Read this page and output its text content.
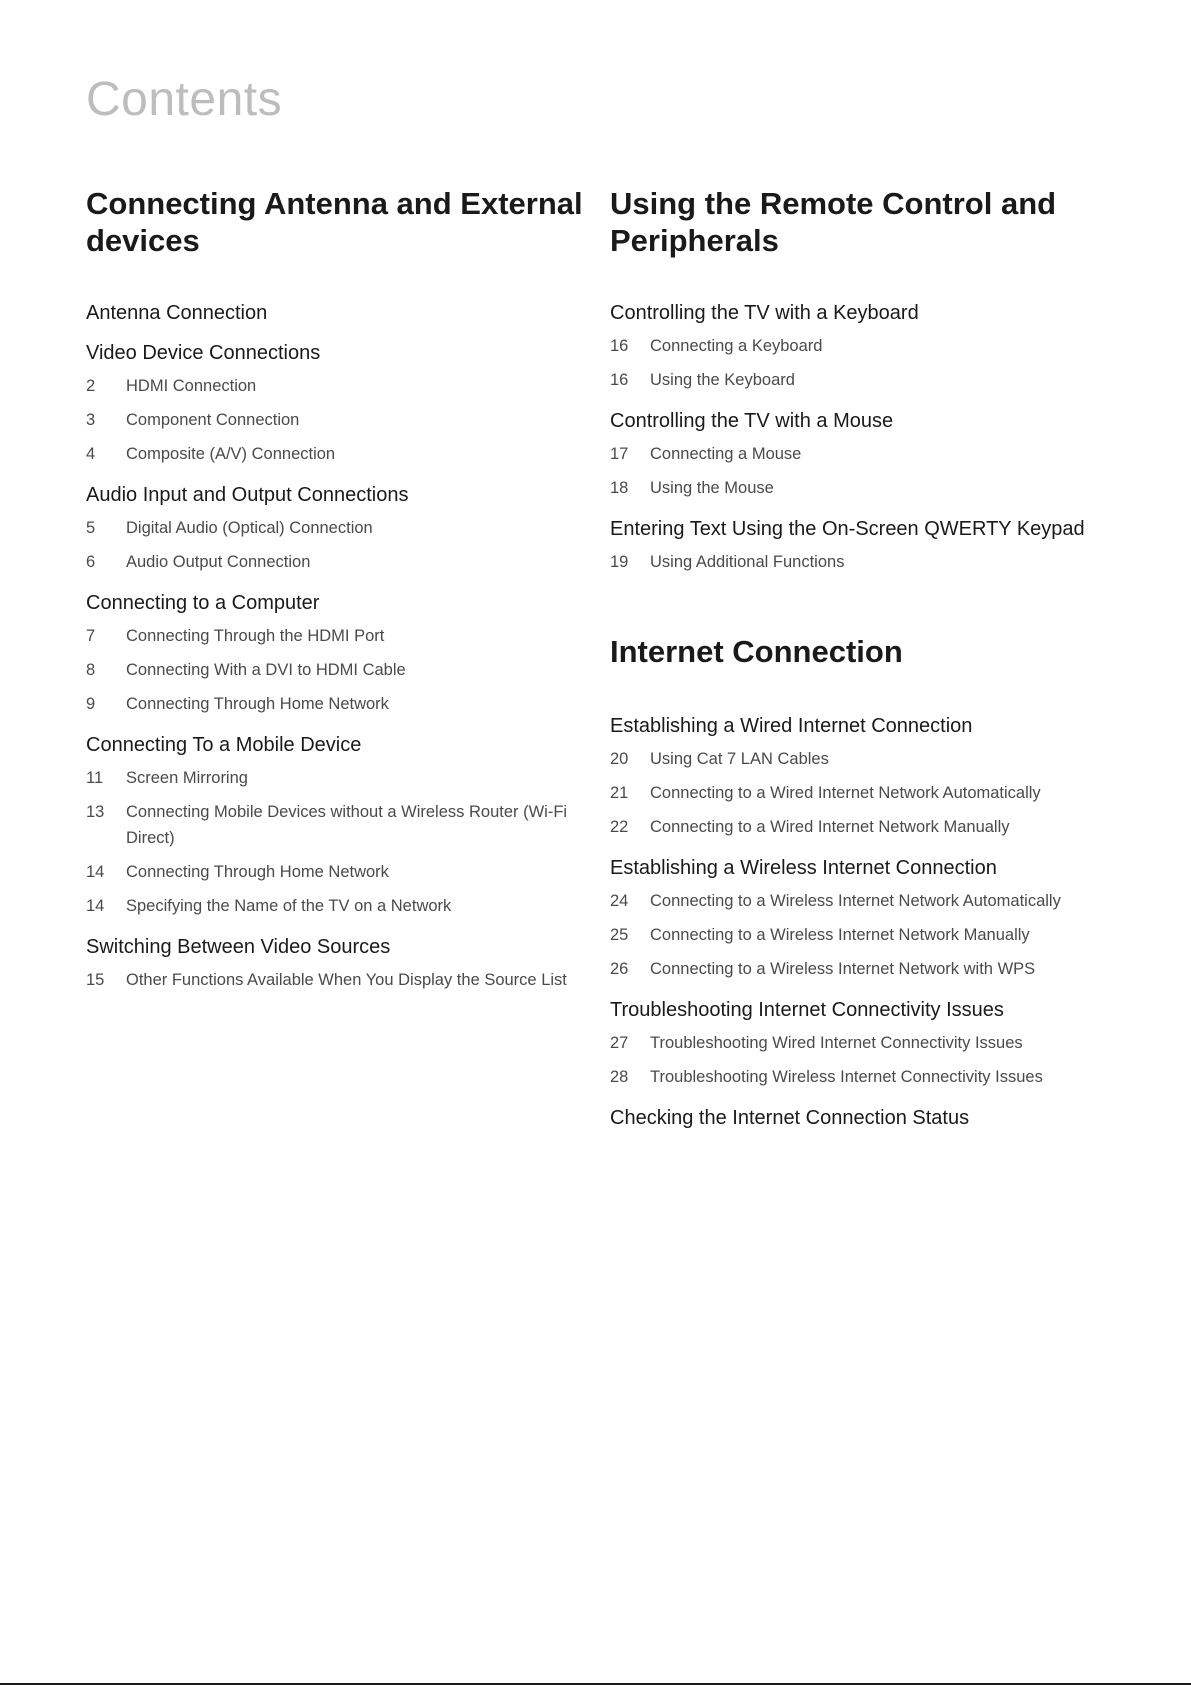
Contents
Connecting Antenna and External devices
Antenna Connection
Video Device Connections
2	HDMI Connection
3	Component Connection
4	Composite (A/V) Connection
Audio Input and Output Connections
5	Digital Audio (Optical) Connection
6	Audio Output Connection
Connecting to a Computer
7	Connecting Through the HDMI Port
8	Connecting With a DVI to HDMI Cable
9	Connecting Through Home Network
Connecting To a Mobile Device
11	Screen Mirroring
13	Connecting Mobile Devices without a Wireless Router (Wi-Fi Direct)
14	Connecting Through Home Network
14	Specifying the Name of the TV on a Network
Switching Between Video Sources
15	Other Functions Available When You Display the Source List
Using the Remote Control and Peripherals
Controlling the TV with a Keyboard
16	Connecting a Keyboard
16	Using the Keyboard
Controlling the TV with a Mouse
17	Connecting a Mouse
18	Using the Mouse
Entering Text Using the On-Screen QWERTY Keypad
19	Using Additional Functions
Internet Connection
Establishing a Wired Internet Connection
20	Using Cat 7 LAN Cables
21	Connecting to a Wired Internet Network Automatically
22	Connecting to a Wired Internet Network Manually
Establishing a Wireless Internet Connection
24	Connecting to a Wireless Internet Network Automatically
25	Connecting to a Wireless Internet Network Manually
26	Connecting to a Wireless Internet Network with WPS
Troubleshooting Internet Connectivity Issues
27	Troubleshooting Wired Internet Connectivity Issues
28	Troubleshooting Wireless Internet Connectivity Issues
Checking the Internet Connection Status
